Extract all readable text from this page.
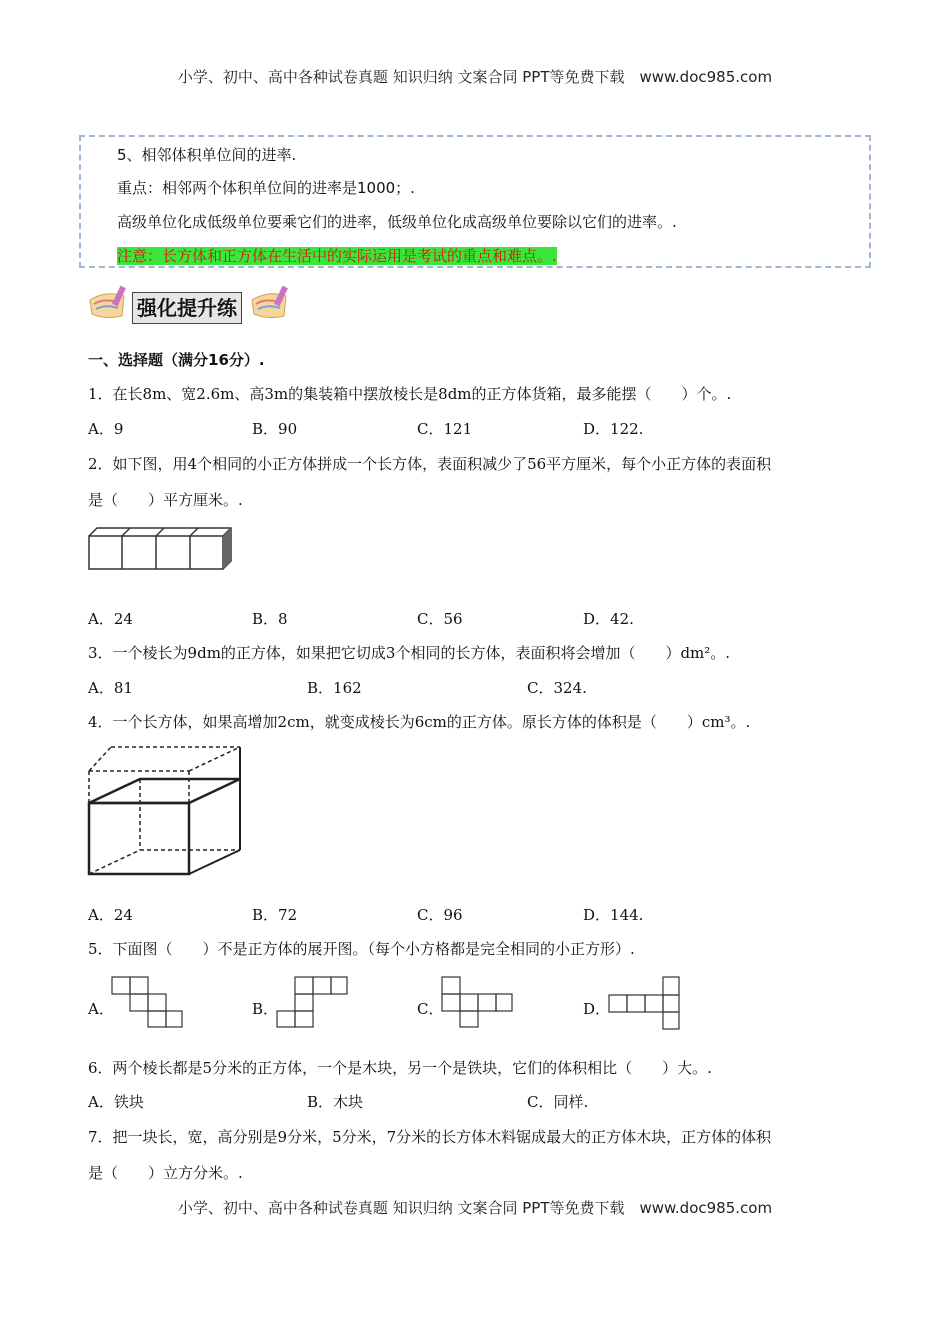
小学、初中、高中各种试卷真题 知识归纳 文案合同 PPT等免费下载　www.doc985.com
5、相邻体积单位间的进率.
重点：相邻两个体积单位间的进率是1000；.
高级单位化成低级单位要乘它们的进率，低级单位化成高级单位要除以它们的进率。.
注意：长方体和正方体在生活中的实际运用是考试的重点和难点。.
强化提升练
一、选择题（满分16分）.
1．在长8m、宽2.6m、高3m的集装箱中摆放棱长是8dm的正方体货箱，最多能摆（　　）个。.
A．9	B．90	C．121	D．122.
2．如下图，用4个相同的小正方体拼成一个长方体，表面积减少了56平方厘米，每个小正方体的表面积
是（　　）平方厘米。.
A．24	B．8	C．56	D．42.
3．一个棱长为9dm的正方体，如果把它切成3个相同的长方体，表面积将会增加（　　）dm²。.
A．81	B．162	C．324.
4．一个长方体，如果高增加2cm，就变成棱长为6cm的正方体。原长方体的体积是（　　）cm³。.
A．24	B．72	C．96	D．144.
5．下面图（　　）不是正方体的展开图。（每个小方格都是完全相同的小正方形）.
A．	B．	C．	D．
6．两个棱长都是5分米的正方体，一个是木块，另一个是铁块，它们的体积相比（　　）大。.
A．铁块	B．木块	C．同样.
7．把一块长，宽，高分别是9分米，5分米，7分米的长方体木料锯成最大的正方体木块，正方体的体积
是（　　）立方分米。.
小学、初中、高中各种试卷真题 知识归纳 文案合同 PPT等免费下载　www.doc985.com
